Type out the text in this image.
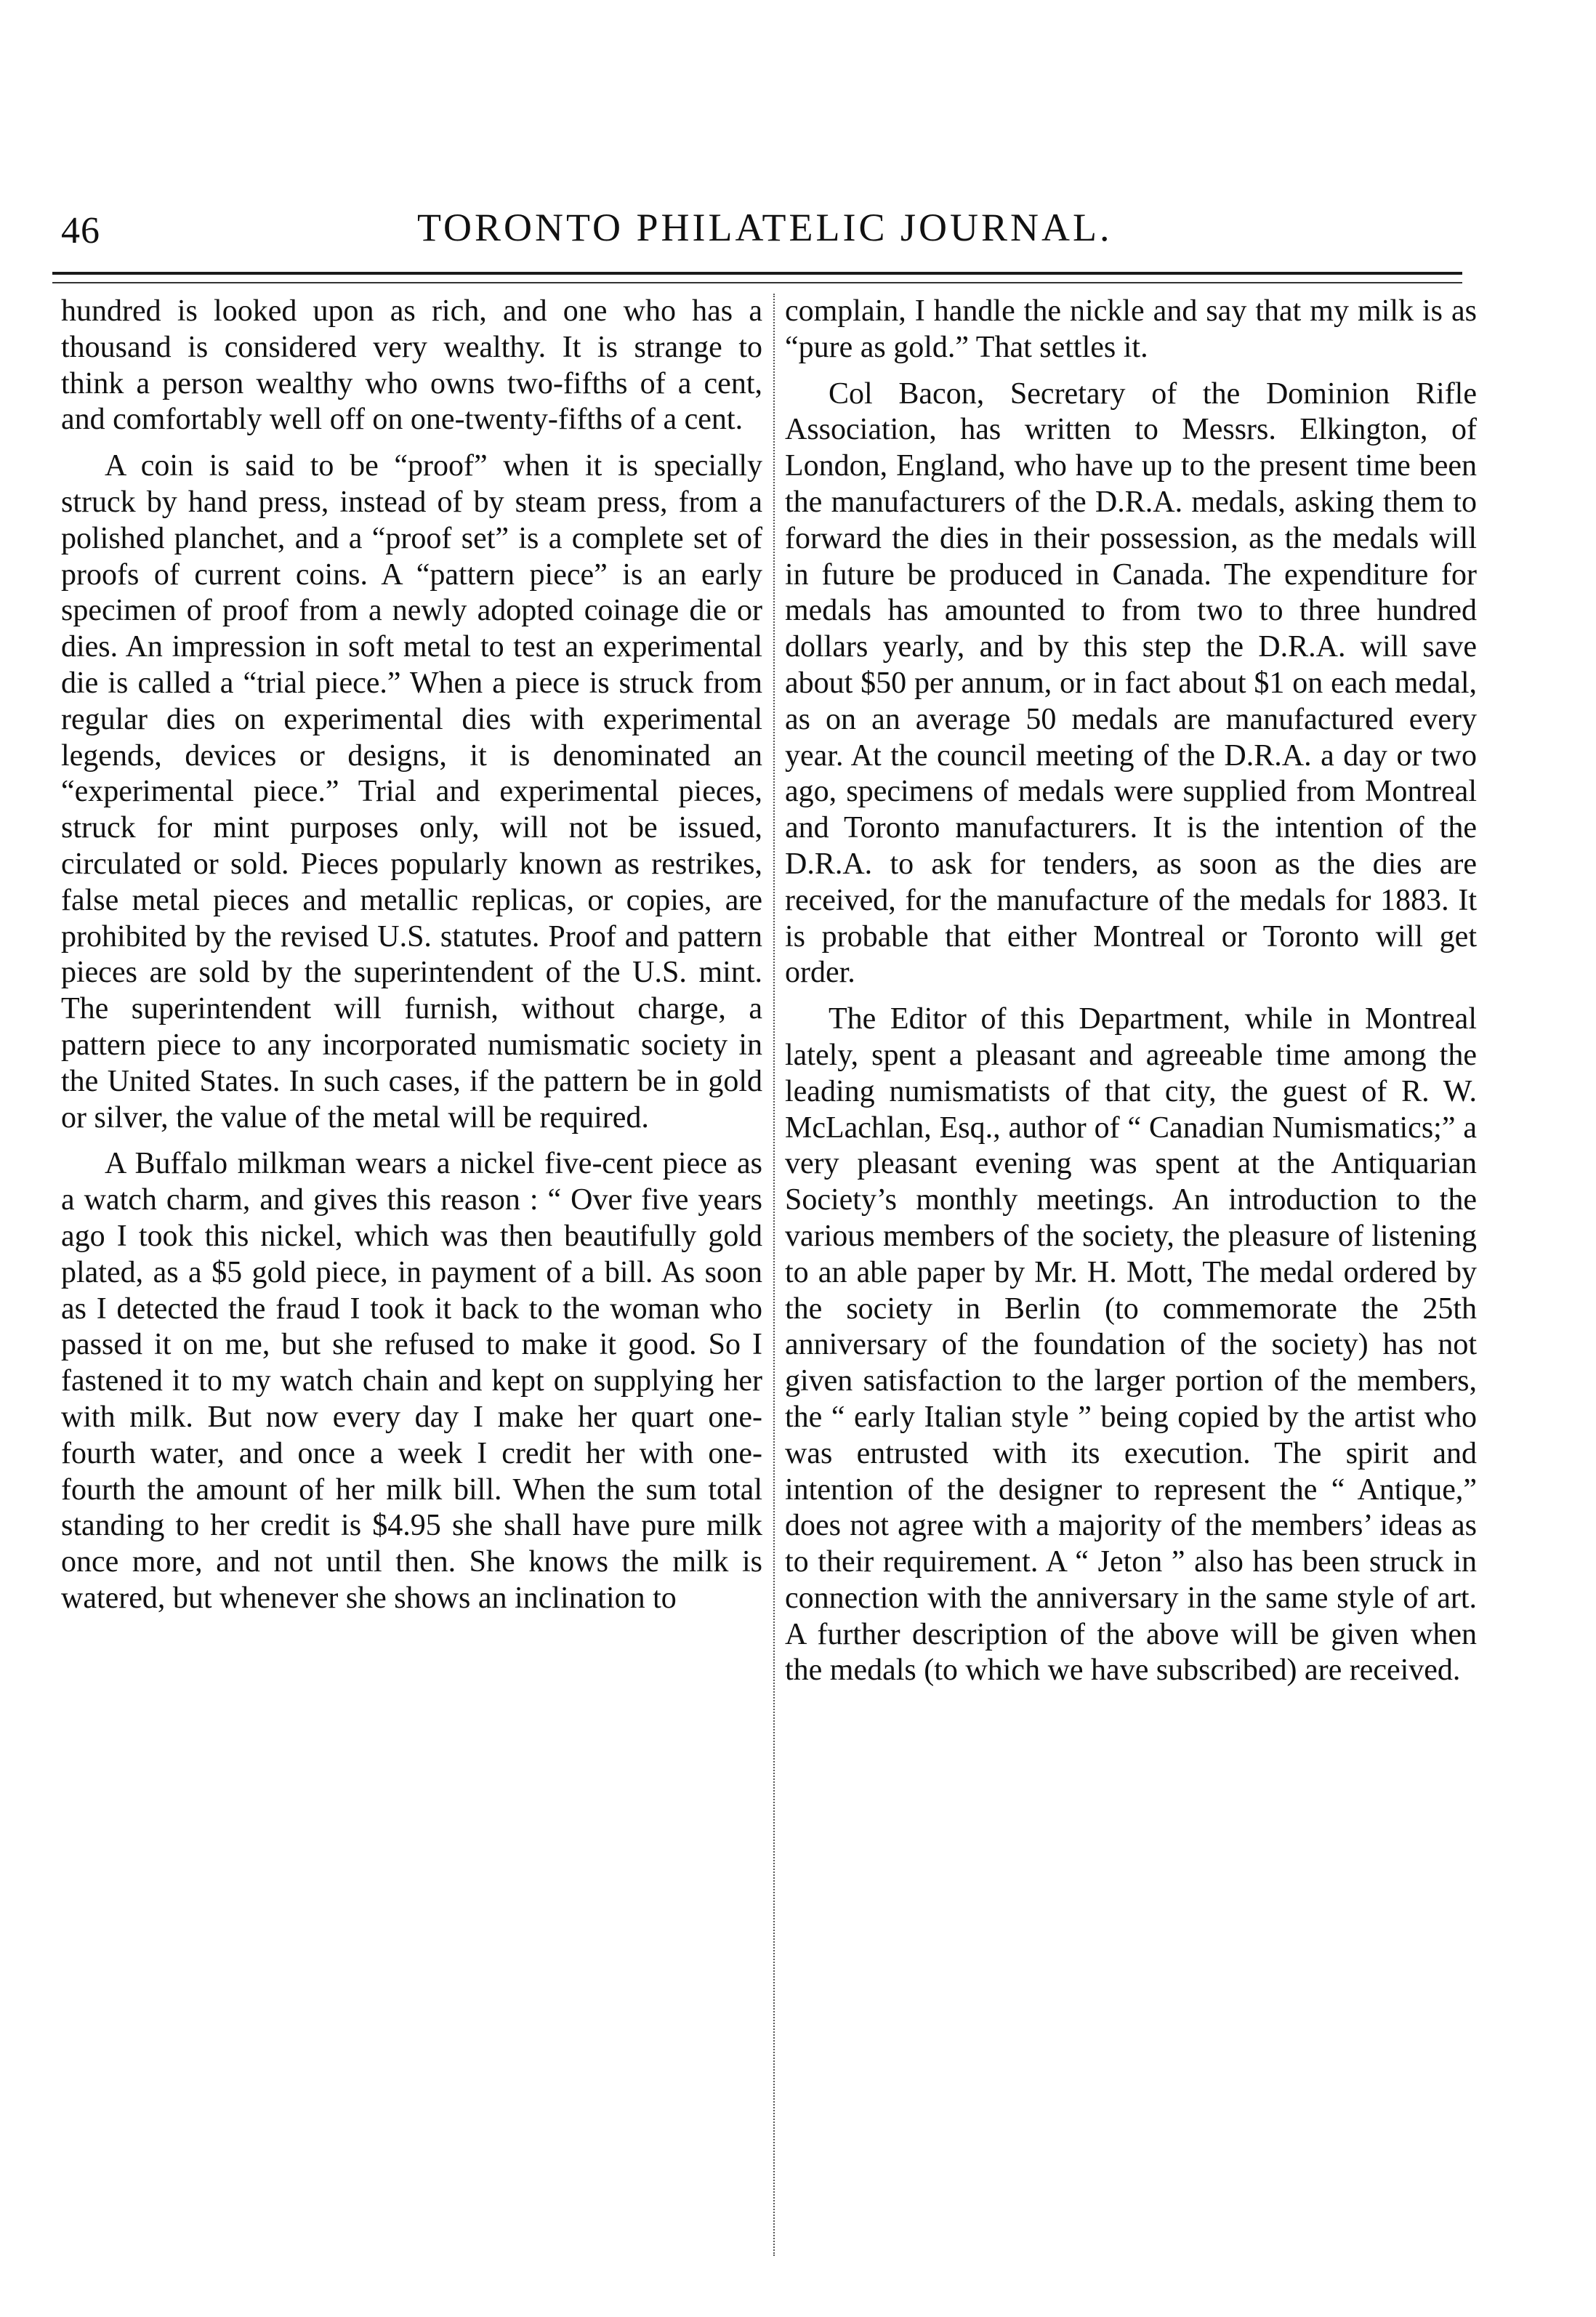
46	TORONTO PHILATELIC JOURNAL.

hundred is looked upon as rich, and one who has a thousand is considered very wealthy. It is strange to think a person wealthy who owns two-fifths of a cent, and comfortably well off on one-twenty-fifths of a cent.

A coin is said to be “proof” when it is specially struck by hand press, instead of by steam press, from a polished planchet, and a “proof set” is a complete set of proofs of current coins. A “pattern piece” is an early specimen of proof from a newly adopted coinage die or dies. An impression in soft metal to test an experimental die is called a “trial piece.” When a piece is struck from regular dies on experimental dies with experimental legends, devices or designs, it is denominated an “experimental piece.” Trial and experimental pieces, struck for mint purposes only, will not be issued, circulated or sold. Pieces popularly known as restrikes, false metal pieces and metallic replicas, or copies, are prohibited by the revised U.S. statutes. Proof and pattern pieces are sold by the superintendent of the U.S. mint. The superintendent will furnish, without charge, a pattern piece to any incorporated numismatic society in the United States. In such cases, if the pattern be in gold or silver, the value of the metal will be required.

A Buffalo milkman wears a nickel five-cent piece as a watch charm, and gives this reason : “ Over five years ago I took this nickel, which was then beautifully gold plated, as a $5 gold piece, in payment of a bill. As soon as I detected the fraud I took it back to the woman who passed it on me, but she refused to make it good. So I fastened it to my watch chain and kept on supplying her with milk. But now every day I make her quart one-fourth water, and once a week I credit her with one-fourth the amount of her milk bill. When the sum total standing to her credit is $4.95 she shall have pure milk once more, and not until then. She knows the milk is watered, but whenever she shows an inclination to

complain, I handle the nickle and say that my milk is as “pure as gold.” That settles it.

Col Bacon, Secretary of the Dominion Rifle Association, has written to Messrs. Elkington, of London, England, who have up to the present time been the manufacturers of the D.R.A. medals, asking them to forward the dies in their possession, as the medals will in future be produced in Canada. The expenditure for medals has amounted to from two to three hundred dollars yearly, and by this step the D.R.A. will save about $50 per annum, or in fact about $1 on each medal, as on an average 50 medals are manufactured every year. At the council meeting of the D.R.A. a day or two ago, specimens of medals were supplied from Montreal and Toronto manufacturers. It is the intention of the D.R.A. to ask for tenders, as soon as the dies are received, for the manufacture of the medals for 1883. It is probable that either Montreal or Toronto will get order.

The Editor of this Department, while in Montreal lately, spent a pleasant and agreeable time among the leading numismatists of that city, the guest of R. W. McLachlan, Esq., author of “ Canadian Numismatics;” a very pleasant evening was spent at the Antiquarian Society’s monthly meetings. An introduction to the various members of the society, the pleasure of listening to an able paper by Mr. H. Mott, The medal ordered by the society in Berlin (to commemorate the 25th anniversary of the foundation of the society) has not given satisfaction to the larger portion of the members, the “ early Italian style ” being copied by the artist who was entrusted with its execution. The spirit and intention of the designer to represent the “ Antique,” does not agree with a majority of the members’ ideas as to their requirement. A “ Jeton ” also has been struck in connection with the anniversary in the same style of art. A further description of the above will be given when the medals (to which we have subscribed) are received.
